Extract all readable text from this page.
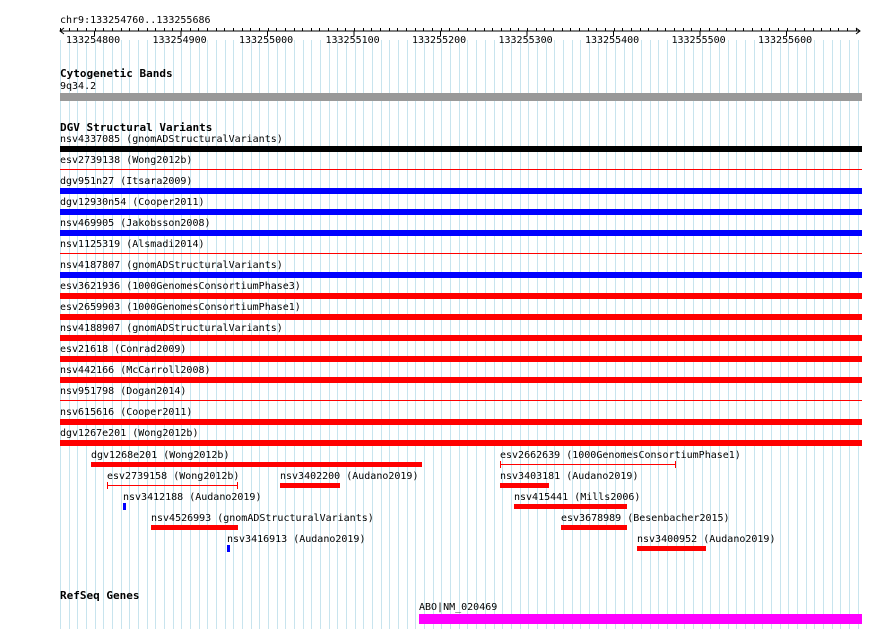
chr9:133254760..133255686
133254800	133254900	133255000	133255100	133255200	133255300	133255400	133255500	133255600
Cytogenetic Bands
9q34.2
DGV Structural Variants
nsv4337085 (gnomADStructuralVariants)
esv2739138 (Wong2012b)
dgv951n27 (Itsara2009)
dgv12930n54 (Cooper2011)
nsv469905 (Jakobsson2008)
nsv1125319 (Alsmadi2014)
nsv4187807 (gnomADStructuralVariants)
esv3621936 (1000GenomesConsortiumPhase3)
esv2659903 (1000GenomesConsortiumPhase1)
nsv4188907 (gnomADStructuralVariants)
esv21618 (Conrad2009)
nsv442166 (McCarroll2008)
nsv951798 (Dogan2014)
nsv615616 (Cooper2011)
dgv1267e201 (Wong2012b)
dgv1268e201 (Wong2012b)
esv2739158 (Wong2012b)	nsv3402200 (Audano2019)
nsv3412188 (Audano2019)
nsv4526993 (gnomADStructuralVariants)
nsv3416913 (Audano2019)
esv2662639 (1000GenomesConsortiumPhase1)
nsv3403181 (Audano2019)
nsv415441 (Mills2006)
esv3678989 (Besenbacher2015)
nsv3400952 (Audano2019)
RefSeq Genes
ABO|NM_020469
